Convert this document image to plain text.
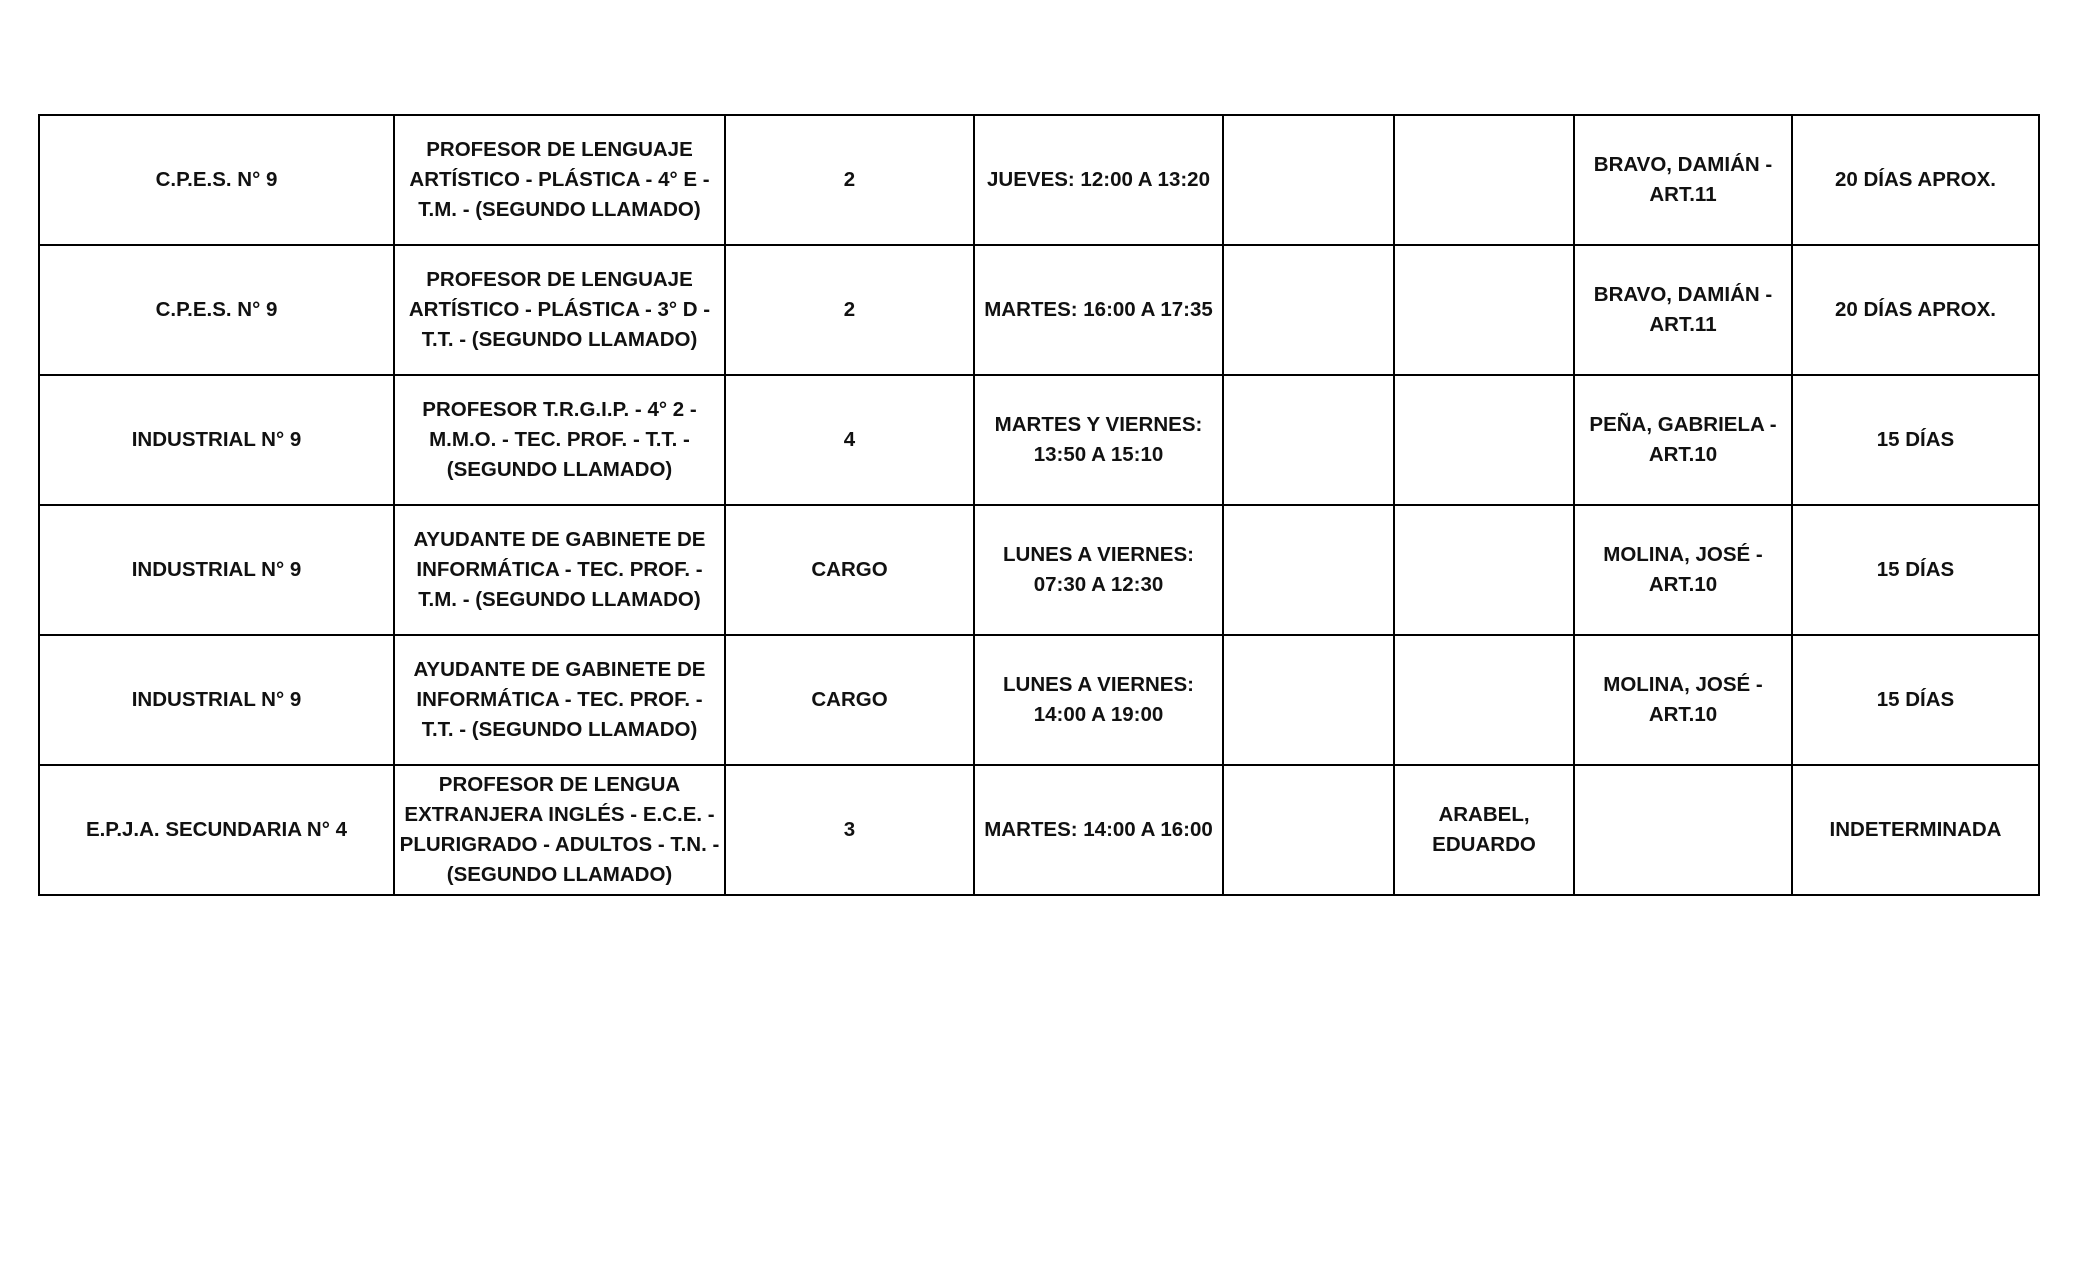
C.P.E.S. N° 9	PROFESOR DE LENGUAJE ARTÍSTICO - PLÁSTICA - 4° E - T.M. - (SEGUNDO LLAMADO)	2	JUEVES: 12:00 A 13:20			BRAVO, DAMIÁN - ART.11	20 DÍAS APROX.
C.P.E.S. N° 9	PROFESOR DE LENGUAJE ARTÍSTICO - PLÁSTICA - 3° D - T.T. - (SEGUNDO LLAMADO)	2	MARTES: 16:00 A 17:35			BRAVO, DAMIÁN - ART.11	20 DÍAS APROX.
INDUSTRIAL N° 9	PROFESOR T.R.G.I.P. - 4° 2 - M.M.O. - TEC. PROF. - T.T. - (SEGUNDO LLAMADO)	4	MARTES Y VIERNES: 13:50 A 15:10			PEÑA, GABRIELA - ART.10	15 DÍAS
INDUSTRIAL N° 9	AYUDANTE DE GABINETE DE INFORMÁTICA - TEC. PROF. - T.M. - (SEGUNDO LLAMADO)	CARGO	LUNES A VIERNES: 07:30 A 12:30			MOLINA, JOSÉ - ART.10	15 DÍAS
INDUSTRIAL N° 9	AYUDANTE DE GABINETE DE INFORMÁTICA - TEC. PROF. - T.T. - (SEGUNDO LLAMADO)	CARGO	LUNES A VIERNES: 14:00 A 19:00			MOLINA, JOSÉ - ART.10	15 DÍAS
E.P.J.A. SECUNDARIA N° 4	PROFESOR DE LENGUA EXTRANJERA INGLÉS - E.C.E. - PLURIGRADO - ADULTOS - T.N. - (SEGUNDO LLAMADO)	3	MARTES: 14:00 A 16:00		ARABEL, EDUARDO		INDETERMINADA
